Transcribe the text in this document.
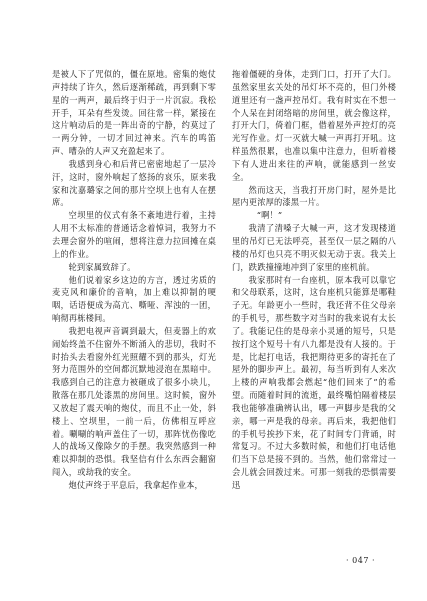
是被人下了咒似的，僵在原地。密集的炮仗声持续了许久，然后逐渐稀疏，再到剩下零星的一两声，最后终于归于一片沉寂。我松开手，耳朵有些发烫。回往常一样，紧接在这片响动后的是一阵出奇的宁静，约莫过了一两分钟，一切才回过神来。汽车的鸣笛声、嘈杂的人声又充盈起来了。

我感到身心和后背已密密地起了一层冷汗，这时，窗外响起了悠扬的哀乐，原来我家和沈嘉璐家之间的那片空坝上也有人在摆席。

空坝里的仪式有条不紊地进行着，主持人用不太标准的普通话念着悼词，我努力不去理会窗外的喧闹，想将注意力拉回摊在桌上的作业。

轮到家属致辞了。

他们说着家乡这边的方言，透过劣质的麦克风和廉价的音响，加上难以抑制的哽咽，话语便成为高亢、嘶哑、浑浊的一团，响彻再栋楼间。

我把电视声音调到最大，但麦器上的欢闹始终盖不住窗外不断涌入的悲切，我时不时抬头去看窗外红光照耀不到的那头，灯光努力范围外的空间都沉默地浸泡在黑暗中。我感到自己的注意力被砸成了很多小块儿，散落在那几处漆黑的房间里。这时候，窗外又放起了震天响的炮仗，而且不止一处，斜楼上、空坝里，一前一后，仿佛相互呼应着。唰唰的响声盖住了一切，那阵忧伤像吃人的战场又像除夕的手摆。我突然感到一种难以抑制的恐惧。我坚信有什么东西会翻窗闯入，或劫我的安全。

炮仗声终于平息后，我拿起作业本，

拖着僵硬的身体，走到门口，打开了大门。虽然家里玄关处的吊灯坏不亮的，但门外楼道里还有一盏声控吊灯。我有时实在不想一个人呆在封闭络暗的房间里，就会像这样，打开大门，倚着门框，借着屋外声控灯的亮光写作业。灯一灭就大喊一声再打开吼。这样虽然很累，也准以集中注意力，但听着楼下有人进出来往的声响，就能感到一丝安全。

然而这天，当我打开房门时，屋外是比屋内更浓厚的漆黑一片。

“啊！”

我清了清嗓子大喊一声，这才发现楼道里的吊灯已无法呼亮，甚至仅一层之隔的八楼的吊灯也只亮不明灭似无动于衷。我关上门，跌跌撞撞地冲到了家里的座机前。

我家那时有一台座机，原本我可以靠它和父母联系，这时，这台座机只能算是哪鞋子无。年龄更小一些时，我还背不住父母亲的手机号，那些数字对当时的我来说有太长了。我能记住的是母亲小灵通的短号，只是按打这个短号十有八九都是没有人接的。于是，比起打电话，我把期待更多的寄托在了屋外的脚步声上。最初，每当听到有人来次上楼的声响我都会燃起“他们回来了”的希望。而随着时间的流逝，最终嘴怕隔着楼层我也能够准确辨认出，哪一声脚步是我的父亲，哪一声是我的母亲。再后来，我把他们的手机号挨抄下来，花了时间专门背诵，时常复习。不过大多数时候，和他们打电话他们当下总是接不到的。当然，他们常常过一会儿就会回拨过来。可那一刻我的恐惧需要迅

· 047 ·
